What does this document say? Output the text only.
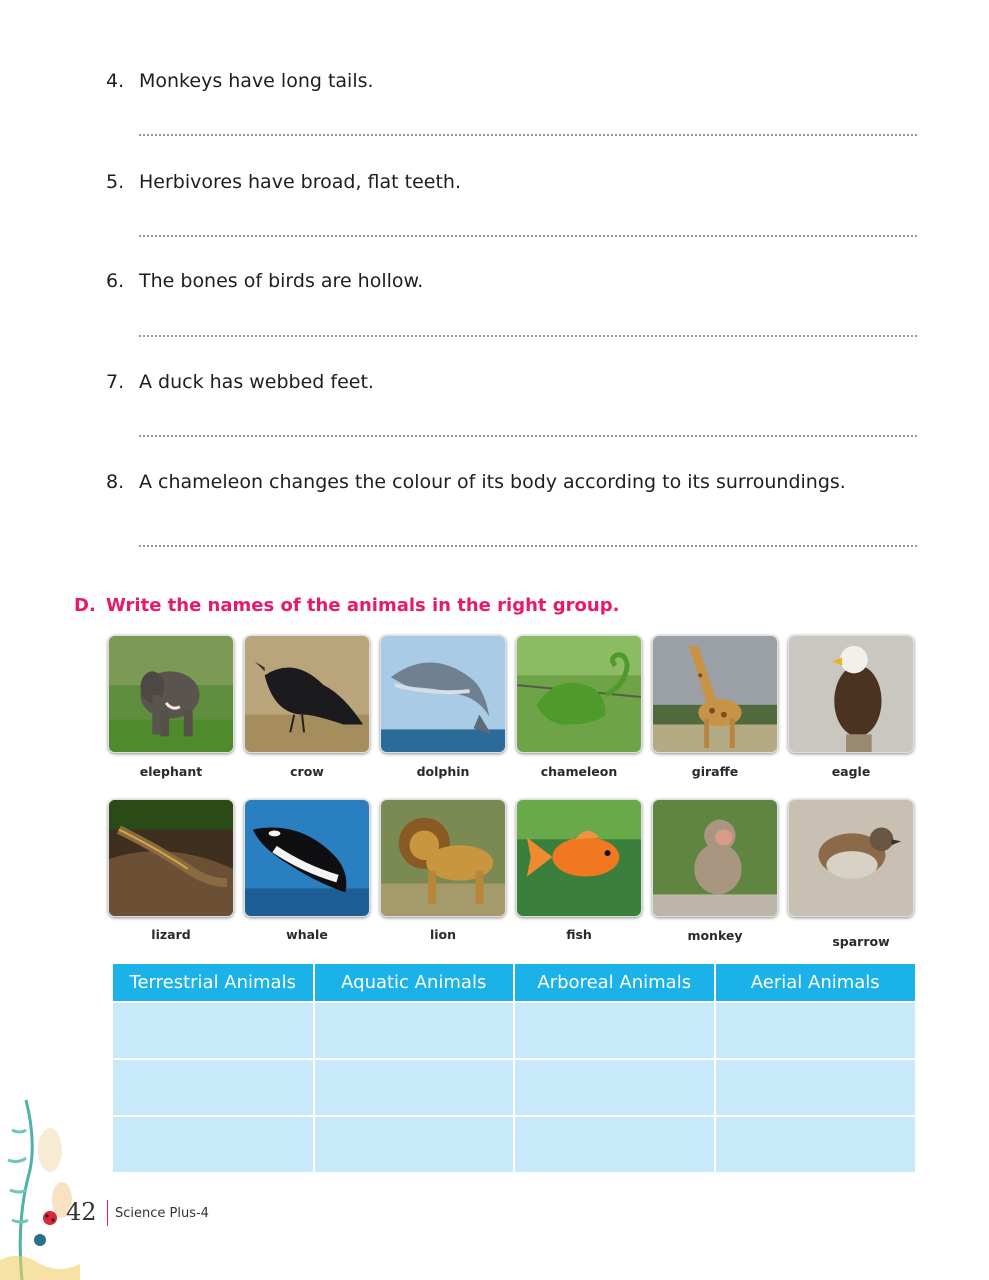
4. Monkeys have long tails.
5. Herbivores have broad, flat teeth.
6. The bones of birds are hollow.
7. A duck has webbed feet.
8. A chameleon changes the colour of its body according to its surroundings.
D. Write the names of the animals in the right group.
elephant	crow	dolphin	chameleon	giraffe	eagle
lizard	whale	lion	fish	monkey	sparrow
Terrestrial Animals	Aquatic Animals	Arboreal Animals	Aerial Animals

42 Science Plus-4
